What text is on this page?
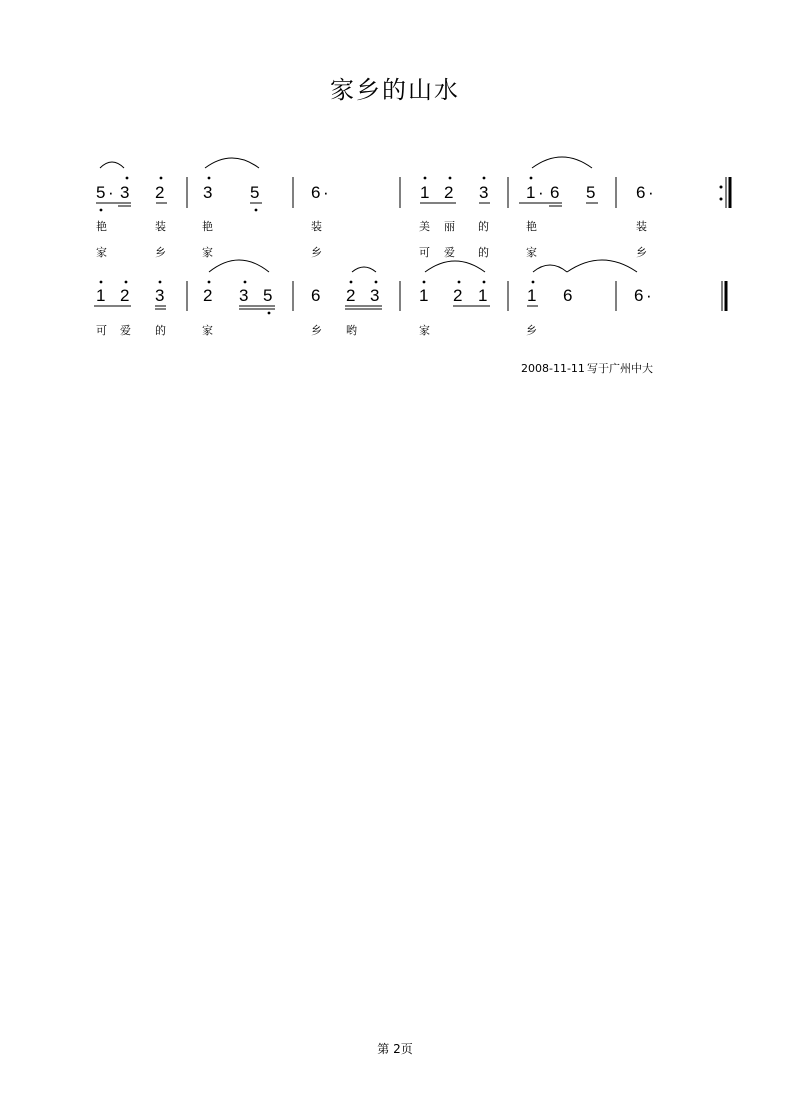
家乡的山水
5 · 3 2 3 5	6 ·	1 2 3 1 · 6 5 6 ·
艳	装	艳	装	美 丽 的	艳	装
家	乡	家	乡	可 爱 的	家	乡
1 2 3 2 3 5 6 2 3 1 2 1 1 6	6 ·
可 爱 的	家	乡 哟	家	乡
2008-11-11 写于广州中大
第 2页
